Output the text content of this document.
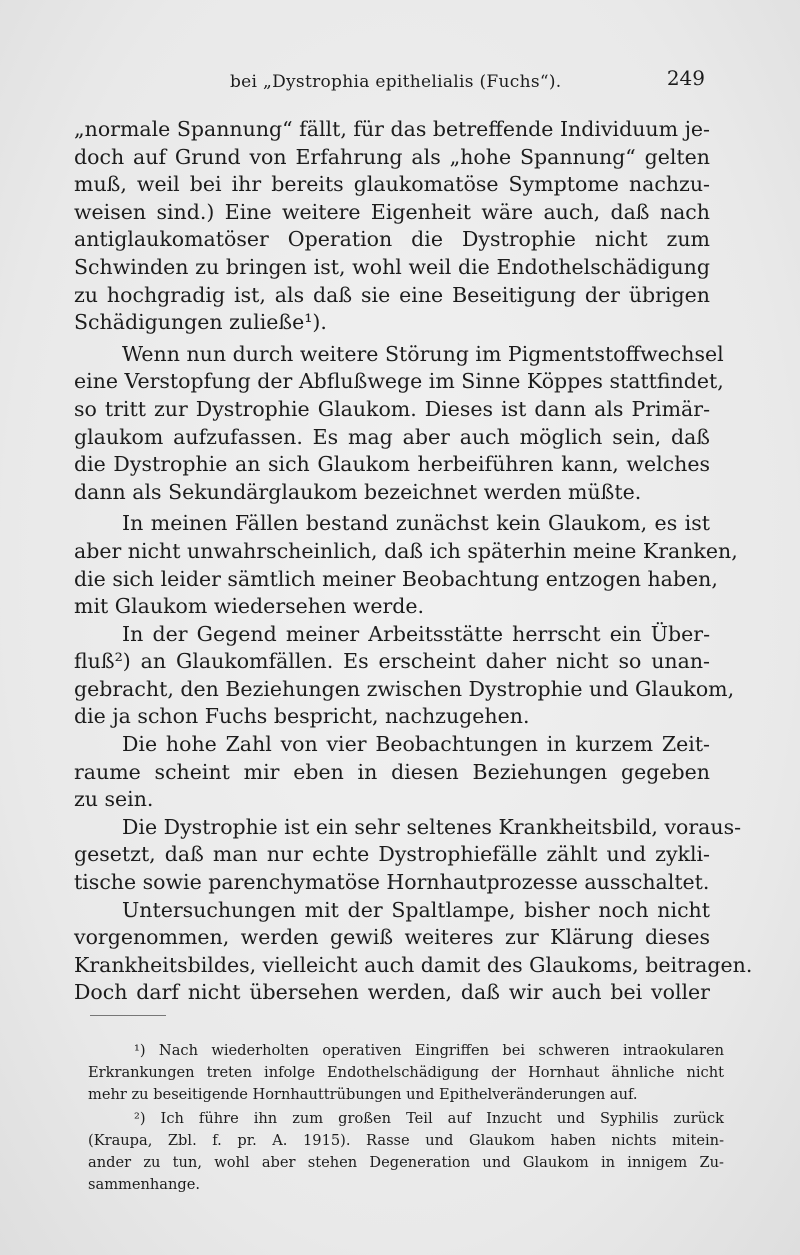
bei „Dystrophia epithelialis (Fuchs“).	249
„normale Spannung“ fällt, für das betreffende Individuum je-
doch auf Grund von Erfahrung als „hohe Spannung“ gelten
muß, weil bei ihr bereits glaukomatöse Symptome nachzu-
weisen sind.) Eine weitere Eigenheit wäre auch, daß nach
antiglaukomatöser Operation die Dystrophie nicht zum
Schwinden zu bringen ist, wohl weil die Endothelschädigung
zu hochgradig ist, als daß sie eine Beseitigung der übrigen
Schädigungen zuließe¹).
Wenn nun durch weitere Störung im Pigmentstoffwechsel
eine Verstopfung der Abflußwege im Sinne Köppes stattfindet,
so tritt zur Dystrophie Glaukom. Dieses ist dann als Primär-
glaukom aufzufassen. Es mag aber auch möglich sein, daß
die Dystrophie an sich Glaukom herbeiführen kann, welches
dann als Sekundärglaukom bezeichnet werden müßte.
In meinen Fällen bestand zunächst kein Glaukom, es ist
aber nicht unwahrscheinlich, daß ich späterhin meine Kranken,
die sich leider sämtlich meiner Beobachtung entzogen haben,
mit Glaukom wiedersehen werde.
In der Gegend meiner Arbeitsstätte herrscht ein Über-
fluß²) an Glaukomfällen. Es erscheint daher nicht so unan-
gebracht, den Beziehungen zwischen Dystrophie und Glaukom,
die ja schon Fuchs bespricht, nachzugehen.
Die hohe Zahl von vier Beobachtungen in kurzem Zeit-
raume scheint mir eben in diesen Beziehungen gegeben
zu sein.
Die Dystrophie ist ein sehr seltenes Krankheitsbild, voraus-
gesetzt, daß man nur echte Dystrophiefälle zählt und zykli-
tische sowie parenchymatöse Hornhautprozesse ausschaltet.
Untersuchungen mit der Spaltlampe, bisher noch nicht
vorgenommen, werden gewiß weiteres zur Klärung dieses
Krankheitsbildes, vielleicht auch damit des Glaukoms, beitragen.
Doch darf nicht übersehen werden, daß wir auch bei voller
¹) Nach wiederholten operativen Eingriffen bei schweren intraokularen
Erkrankungen treten infolge Endothelschädigung der Hornhaut ähnliche nicht
mehr zu beseitigende Hornhauttrübungen und Epithelveränderungen auf.
²) Ich führe ihn zum großen Teil auf Inzucht und Syphilis zurück
(Kraupa, Zbl. f. pr. A. 1915). Rasse und Glaukom haben nichts mitein-
ander zu tun, wohl aber stehen Degeneration und Glaukom in innigem Zu-
sammenhange.
